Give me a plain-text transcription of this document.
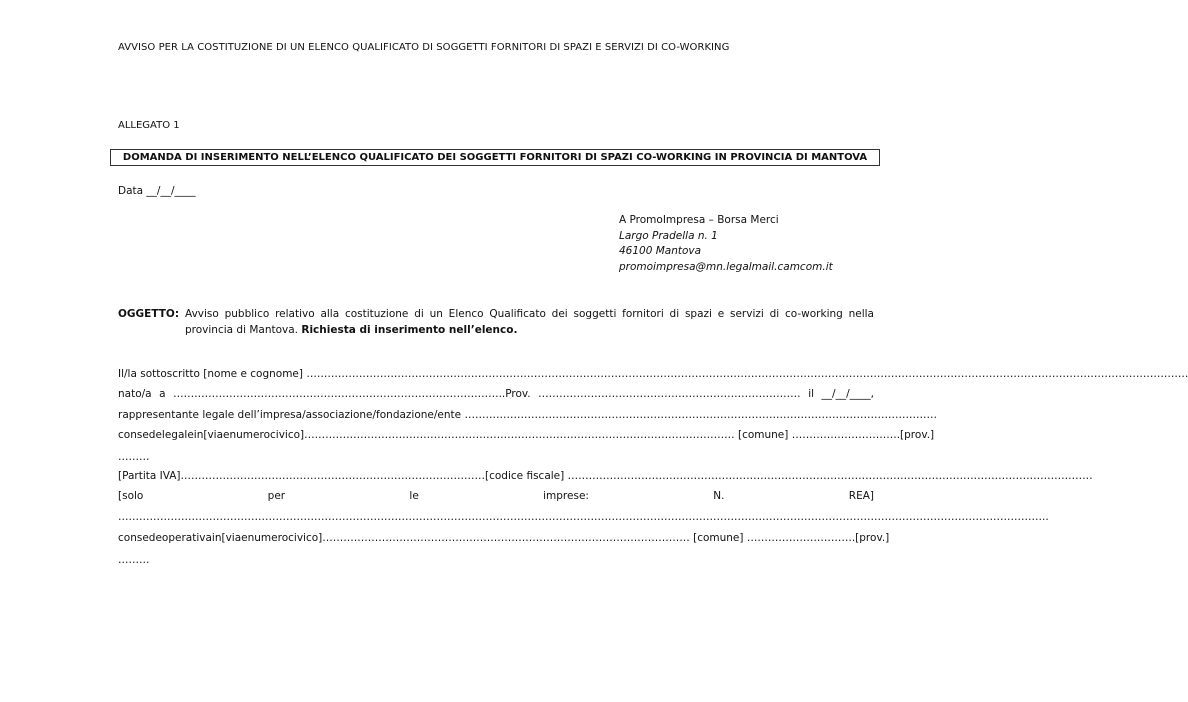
AVVISO PER LA COSTITUZIONE DI UN ELENCO QUALIFICATO DI SOGGETTI FORNITORI DI SPAZI E SERVIZI DI CO-WORKING
ALLEGATO 1
DOMANDA DI INSERIMENTO NELL’ELENCO QUALIFICATO DEI SOGGETTI FORNITORI DI SPAZI CO-WORKING IN PROVINCIA DI MANTOVA
Data __/__/____
A PromoImpresa – Borsa Merci
Largo Pradella n. 1
46100 Mantova
promoimpresa@mn.legalmail.camcom.it
OGGETTO: Avviso pubblico relativo alla costituzione di un Elenco Qualificato dei soggetti fornitori di spazi e servizi di co-working nella provincia di Mantova. Richiesta di inserimento nell’elenco.
Il/la sottoscritto [nome e cognome] ………………………………………………………………………………………………………………………………………………………………………………………………………………………………
nato/a a …………………………………………………………………………………..Prov. ………………………………………………………………… il __/__/____,
rappresentante legale dell’impresa/associazione/fondazione/ente ………………………………………………………………………………………………………………………
con sede legale in [via e numero civico] …………………………………………………………………………………………………………… [comune] ………………………….[prov.]
………
[Partita IVA]……………………………………………………………………………[codice fiscale] ……………………………………………………………………………………………………………………………………
[solo	per	le	imprese:	N.	REA]
…………………………………………………………………………………………………………………………………………………………………………………………………………………………………………..
con sede operativa in [via e numero civico] …………………………………………………………………………………………… [comune] ………………………….[prov.]
………
